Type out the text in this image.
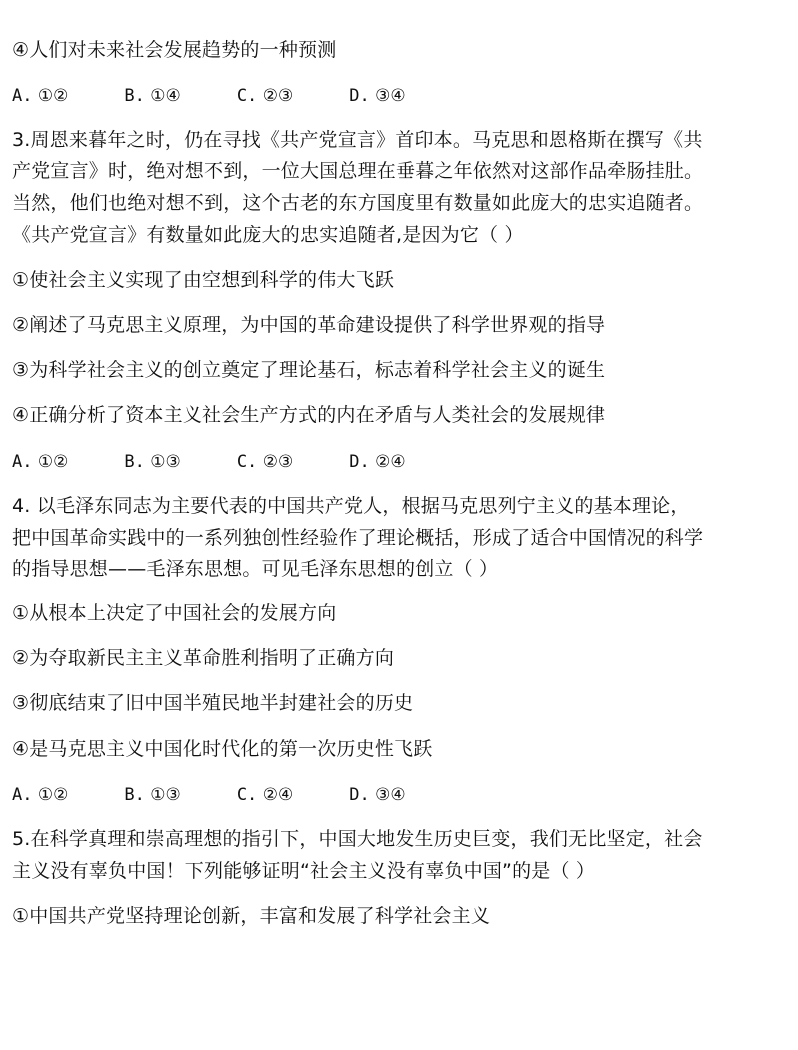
④人们对未来社会发展趋势的一种预测
A. ①②	B. ①④	C. ②③	D. ③④
3.周恩来暮年之时，仍在寻找《共产党宣言》首印本。马克思和恩格斯在撰写《共
产党宣言》时，绝对想不到，一位大国总理在垂暮之年依然对这部作品牵肠挂肚。
当然，他们也绝对想不到，这个古老的东方国度里有数量如此庞大的忠实追随者。
《共产党宣言》有数量如此庞大的忠实追随者,是因为它（ ）
①使社会主义实现了由空想到科学的伟大飞跃
②阐述了马克思主义原理，为中国的革命建设提供了科学世界观的指导
③为科学社会主义的创立奠定了理论基石，标志着科学社会主义的诞生
④正确分析了资本主义社会生产方式的内在矛盾与人类社会的发展规律
A. ①②	B. ①③	C. ②③	D. ②④
4. 以毛泽东同志为主要代表的中国共产党人，根据马克思列宁主义的基本理论，
把中国革命实践中的一系列独创性经验作了理论概括，形成了适合中国情况的科学
的指导思想——毛泽东思想。可见毛泽东思想的创立（ ）
①从根本上决定了中国社会的发展方向
②为夺取新民主主义革命胜利指明了正确方向
③彻底结束了旧中国半殖民地半封建社会的历史
④是马克思主义中国化时代化的第一次历史性飞跃
A. ①②	B. ①③	C. ②④	D. ③④
5.在科学真理和崇高理想的指引下，中国大地发生历史巨变，我们无比坚定，社会
主义没有辜负中国！下列能够证明“社会主义没有辜负中国”的是（ ）
①中国共产党坚持理论创新，丰富和发展了科学社会主义
